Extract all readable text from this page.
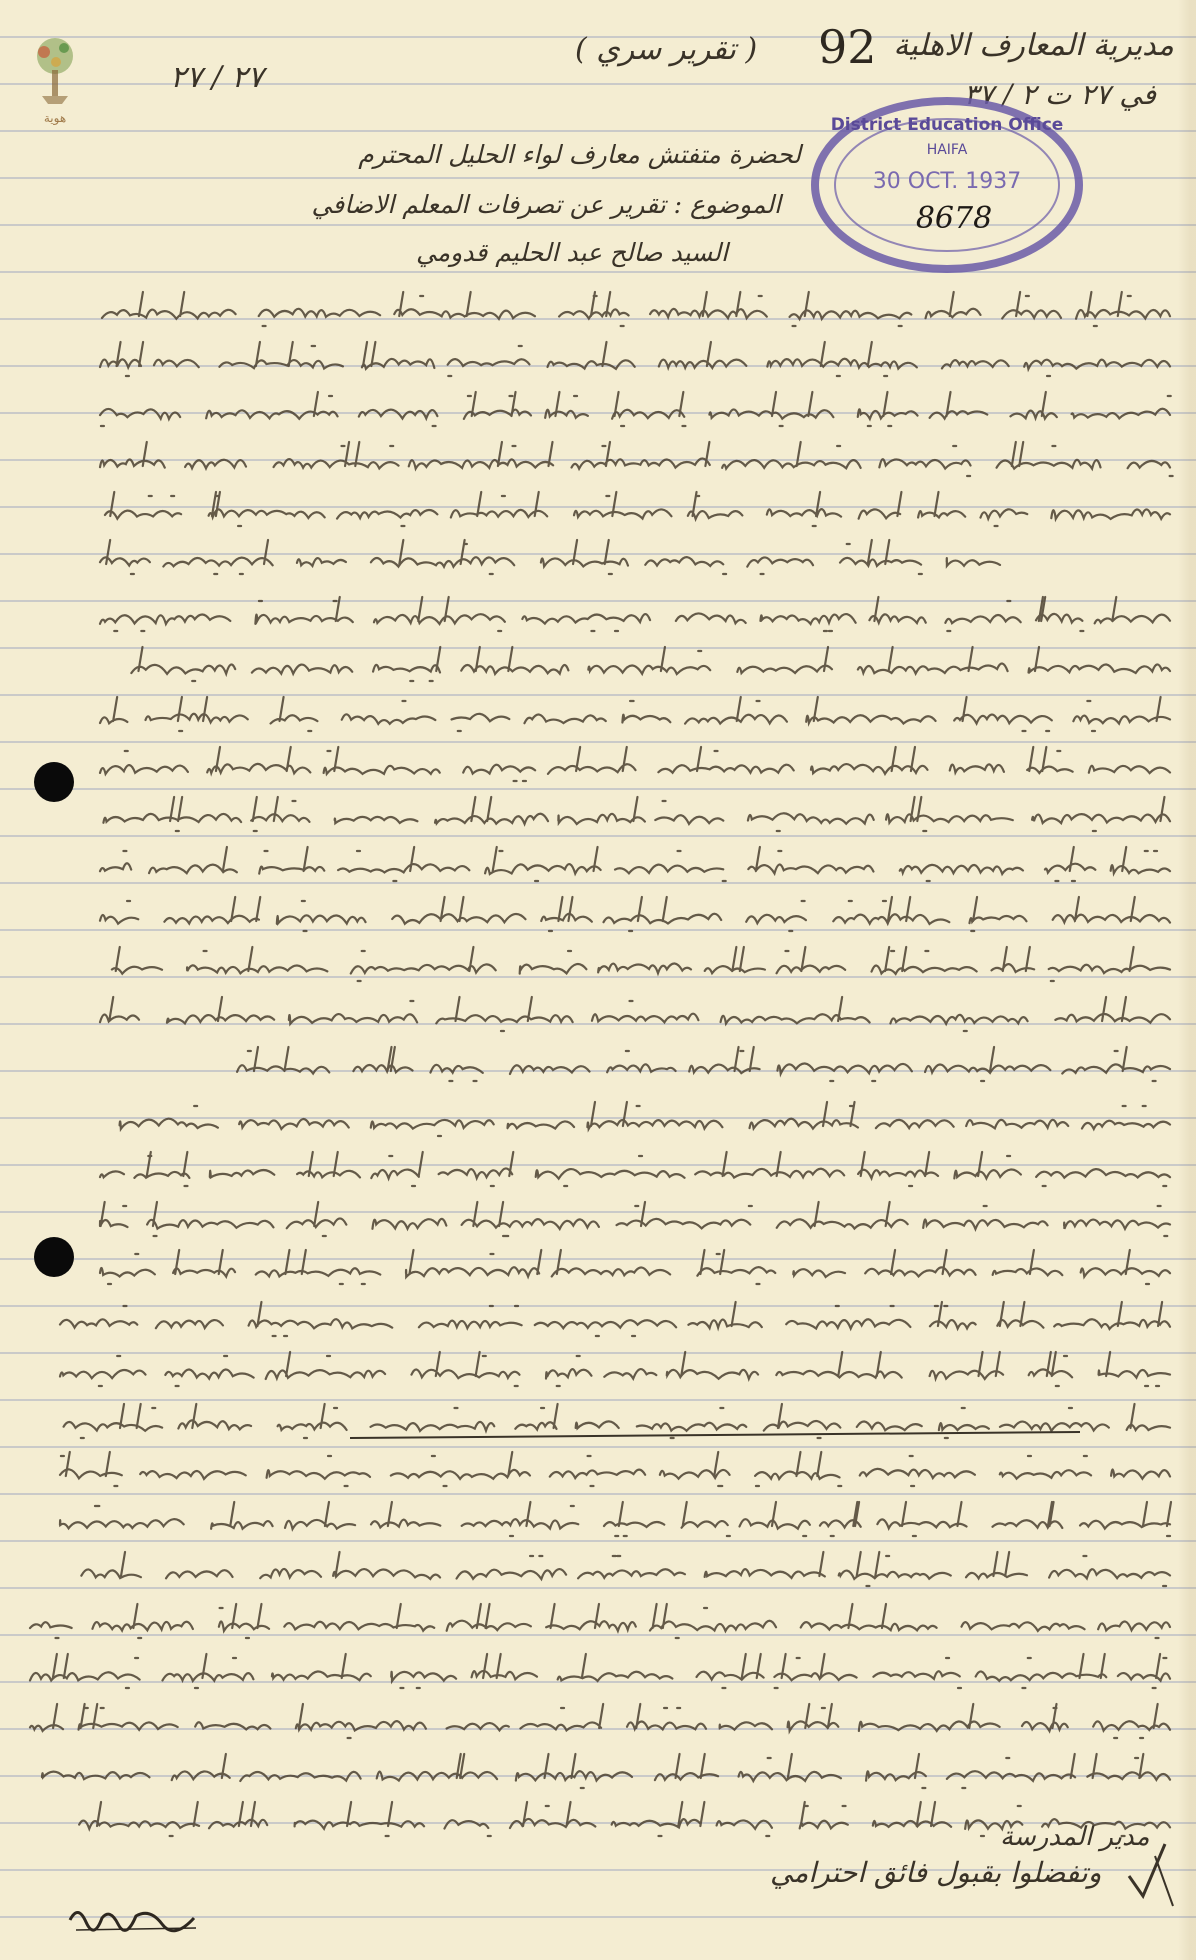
هوية
٢٧ / ٢٧
92
( تقرير سري )	مديرية المعارف الاهلية
في ٢٧ ت ٢ / ٣٧
District Education Office
HAIFA
30 OCT. 1937
8678
لحضرة متفتش معارف لواء الحليل المحترم
الموضوع : تقرير عن تصرفات المعلم الاضافي
السيد صالح عبد الحليم قدومي
وتفضلوا بقبول فائق احترامي
مدير المدرسة
